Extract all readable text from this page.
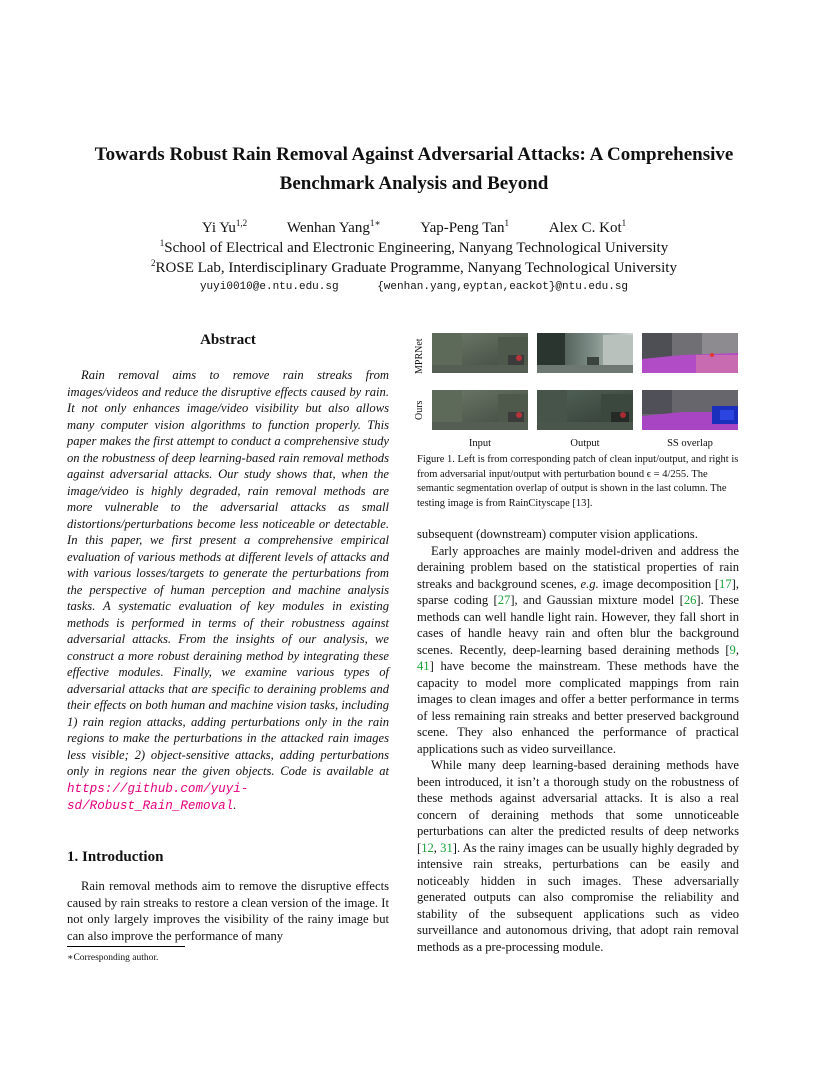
Towards Robust Rain Removal Against Adversarial Attacks: A Comprehensive
Benchmark Analysis and Beyond
Yi Yu$^{1,2}$	Wenhan Yang$^{1∗}$	Yap-Peng Tan$^1$	Alex C. Kot$^1$
$^1$School of Electrical and Electronic Engineering, Nanyang Technological University
$^2$ROSE Lab, Interdisciplinary Graduate Programme, Nanyang Technological University
yuyi0010@e.ntu.edu.sg	{wenhan.yang,eyptan,eackot}@ntu.edu.sg
Abstract

Rain removal aims to remove rain streaks from images/videos and reduce the disruptive effects caused by rain. It not only enhances image/video visibility but also allows many computer vision algorithms to function properly. This paper makes the first attempt to conduct a comprehensive study on the robustness of deep learning-based rain removal methods against adversarial attacks. Our study shows that, when the image/video is highly degraded, rain removal methods are more vulnerable to the adversarial attacks as small distortions/perturbations become less noticeable or detectable. In this paper, we first present a comprehensive empirical evaluation of various methods at different levels of attacks and with various losses/targets to generate the perturbations from the perspective of human perception and machine analysis tasks. A systematic evaluation of key modules in existing methods is performed in terms of their robustness against adversarial attacks. From the insights of our analysis, we construct a more robust deraining method by integrating these effective modules. Finally, we examine various types of adversarial attacks that are specific to deraining problems and their effects on both human and machine vision tasks, including 1) rain region attacks, adding perturbations only in the rain regions to make the perturbations in the attacked rain images less visible; 2) object-sensitive attacks, adding perturbations only in regions near the given objects. Code is available at https://github.com/yuyi-sd/Robust_Rain_Removal.

1. Introduction

Rain removal methods aim to remove the disruptive effects caused by rain streaks to restore a clean version of the image. It not only largely improves the visibility of the rainy image but can also improve the performance of many

∗Corresponding author.
MPRNet
Ours
Input	Output	SS overlap

Figure 1. Left is from corresponding patch of clean input/output, and right is from adversarial input/output with perturbation bound ϵ = 4/255. The semantic segmentation overlap of output is shown in the last column. The testing image is from RainCityscape [13].

subsequent (downstream) computer vision applications.

Early approaches are mainly model-driven and address the deraining problem based on the statistical properties of rain streaks and background scenes, e.g. image decomposition [17], sparse coding [27], and Gaussian mixture model [26]. These methods can well handle light rain. However, they fall short in cases of handle heavy rain and often blur the background scenes. Recently, deep-learning based deraining methods [9, 41] have become the mainstream. These methods have the capacity to model more complicated mappings from rain images to clean images and offer a better performance in terms of less remaining rain streaks and better preserved background scene. They also enhanced the performance of practical applications such as video surveillance.

While many deep learning-based deraining methods have been introduced, it isn’t a thorough study on the robustness of these methods against adversarial attacks. It is also a real concern of deraining methods that some unnoticeable perturbations can alter the predicted results of deep networks [12, 31]. As the rainy images can be usually highly degraded by intensive rain streaks, perturbations can be easily and noticeably hidden in such images. These adversarially generated outputs can also compromise the reliability and stability of the subsequent applications such as video surveillance and autonomous driving, that adopt rain removal methods as a pre-processing module.
